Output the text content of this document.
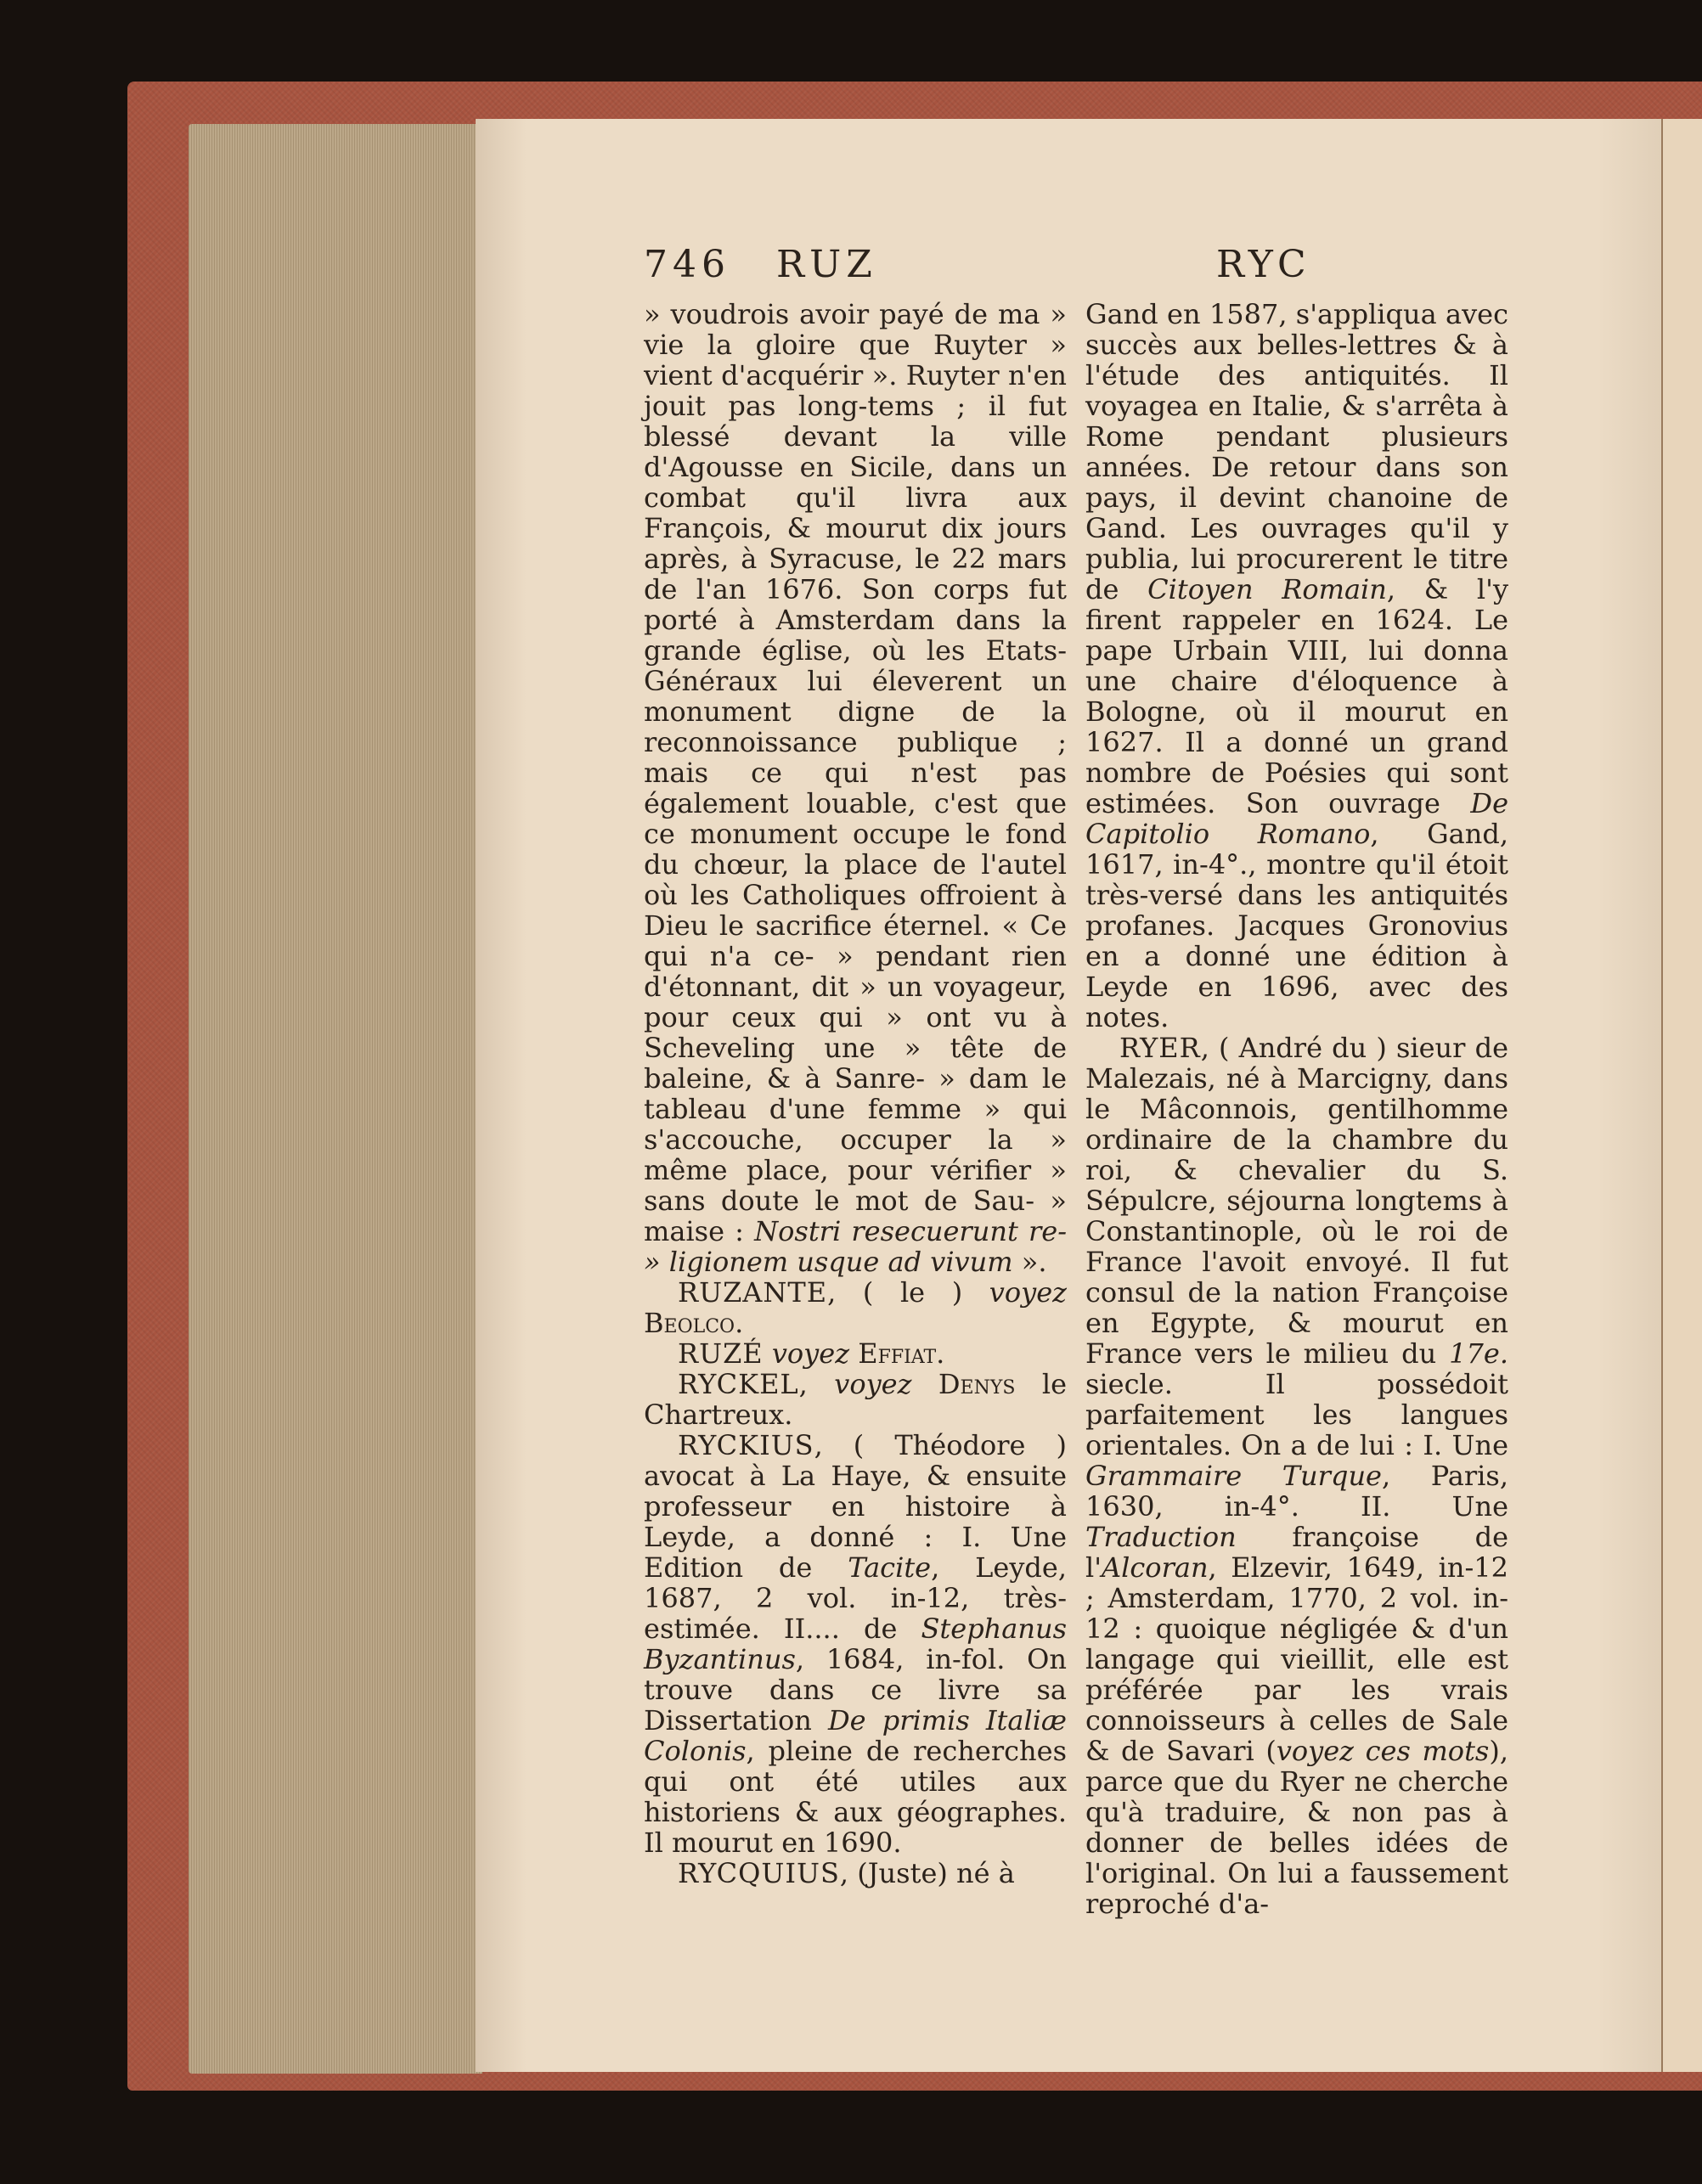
746 RUZ	RYC

» voudrois avoir payé de ma » vie la gloire que Ruyter » vient d'acquérir ». Ruyter n'en jouit pas long-tems ; il fut blessé devant la ville d'Agousse en Sicile, dans un combat qu'il livra aux François, & mourut dix jours après, à Syracuse, le 22 mars de l'an 1676. Son corps fut porté à Amsterdam dans la grande église, où les Etats-Généraux lui éleverent un monument digne de la reconnoissance publique ; mais ce qui n'est pas également louable, c'est que ce monument occupe le fond du chœur, la place de l'autel où les Catholiques offroient à Dieu le sacrifice éternel. « Ce qui n'a ce- » pendant rien d'étonnant, dit » un voyageur, pour ceux qui » ont vu à Scheveling une » tête de baleine, & à Sanre- » dam le tableau d'une femme » qui s'accouche, occuper la » même place, pour vérifier » sans doute le mot de Sau- » maise : Nostri resecuerunt re- » ligionem usque ad vivum ».

RUZANTE, ( le ) voyez Beolco.

RUZÉ voyez Effiat.

RYCKEL, voyez Denys le Chartreux.

RYCKIUS, ( Théodore ) avocat à La Haye, & ensuite professeur en histoire à Leyde, a donné : I. Une Edition de Tacite, Leyde, 1687, 2 vol. in-12, très-estimée. II.... de Stephanus Byzantinus, 1684, in-fol. On trouve dans ce livre sa Dissertation De primis Italiæ Colonis, pleine de recherches qui ont été utiles aux historiens & aux géographes. Il mourut en 1690.

RYCQUIUS, (Juste) né à

Gand en 1587, s'appliqua avec succès aux belles-lettres & à l'étude des antiquités. Il voyagea en Italie, & s'arrêta à Rome pendant plusieurs années. De retour dans son pays, il devint chanoine de Gand. Les ouvrages qu'il y publia, lui procurerent le titre de Citoyen Romain, & l'y firent rappeler en 1624. Le pape Urbain VIII, lui donna une chaire d'éloquence à Bologne, où il mourut en 1627. Il a donné un grand nombre de Poésies qui sont estimées. Son ouvrage De Capitolio Romano, Gand, 1617, in-4°., montre qu'il étoit très-versé dans les antiquités profanes. Jacques Gronovius en a donné une édition à Leyde en 1696, avec des notes.

RYER, ( André du ) sieur de Malezais, né à Marcigny, dans le Mâconnois, gentilhomme ordinaire de la chambre du roi, & chevalier du S. Sépulcre, séjourna longtems à Constantinople, où le roi de France l'avoit envoyé. Il fut consul de la nation Françoise en Egypte, & mourut en France vers le milieu du 17e. siecle. Il possédoit parfaitement les langues orientales. On a de lui : I. Une Grammaire Turque, Paris, 1630, in-4°. II. Une Traduction françoise de l'Alcoran, Elzevir, 1649, in-12 ; Amsterdam, 1770, 2 vol. in-12 : quoique négligée & d'un langage qui vieillit, elle est préférée par les vrais connoisseurs à celles de Sale & de Savari (voyez ces mots), parce que du Ryer ne cherche qu'à traduire, & non pas à donner de belles idées de l'original. On lui a faussement reproché d'a-
